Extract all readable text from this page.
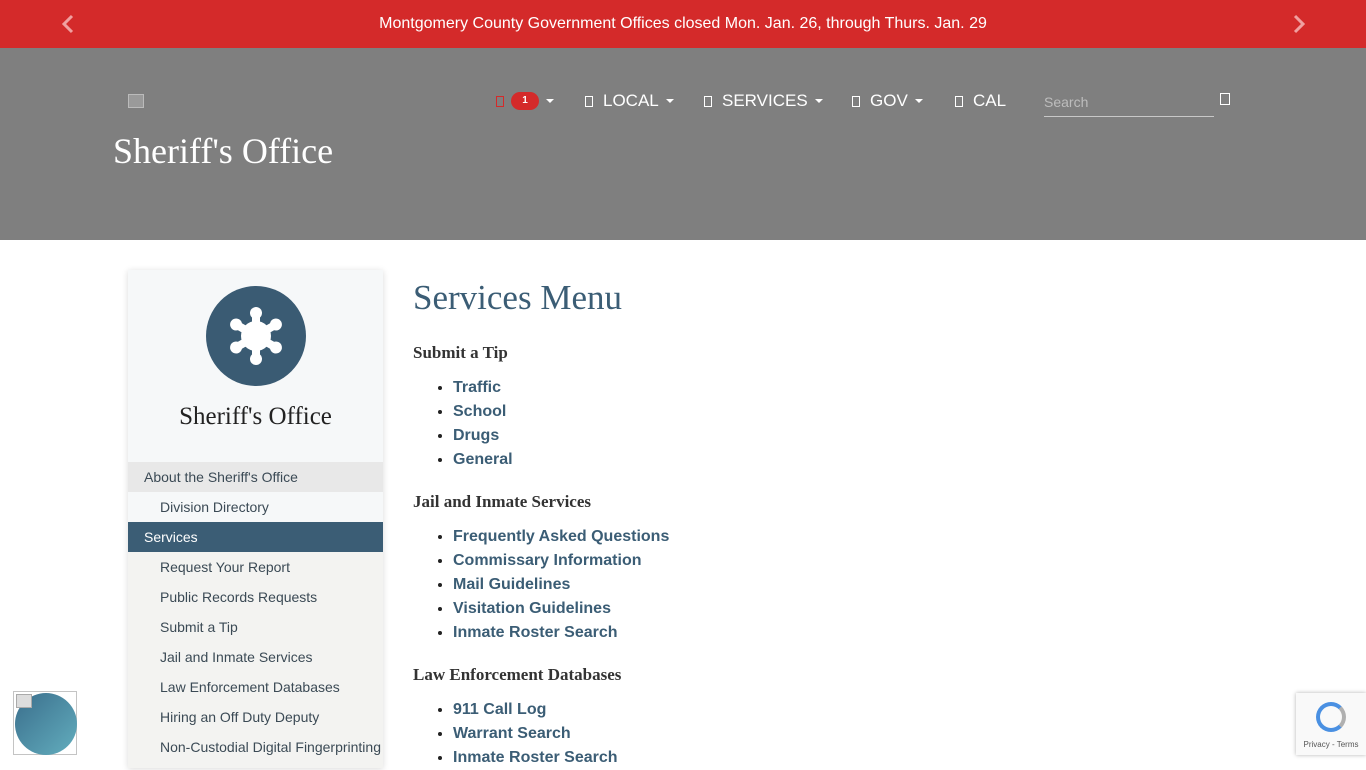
Montgomery County Government Offices closed Mon. Jan. 26, through Thurs. Jan. 29
Sheriff's Office
1	LOCAL	SERVICES	GOV	CAL
Search
Sheriff's Office
About the Sheriff's Office
Division Directory
Services
Request Your Report
Public Records Requests
Submit a Tip
Jail and Inmate Services
Law Enforcement Databases
Hiring an Off Duty Deputy
Non-Custodial Digital Fingerprinting
Services Menu
Submit a Tip
• Traffic
• School
• Drugs
• General
Jail and Inmate Services
• Frequently Asked Questions
• Commissary Information
• Mail Guidelines
• Visitation Guidelines
• Inmate Roster Search
Law Enforcement Databases
• 911 Call Log
• Warrant Search
• Inmate Roster Search
Privacy - Terms
